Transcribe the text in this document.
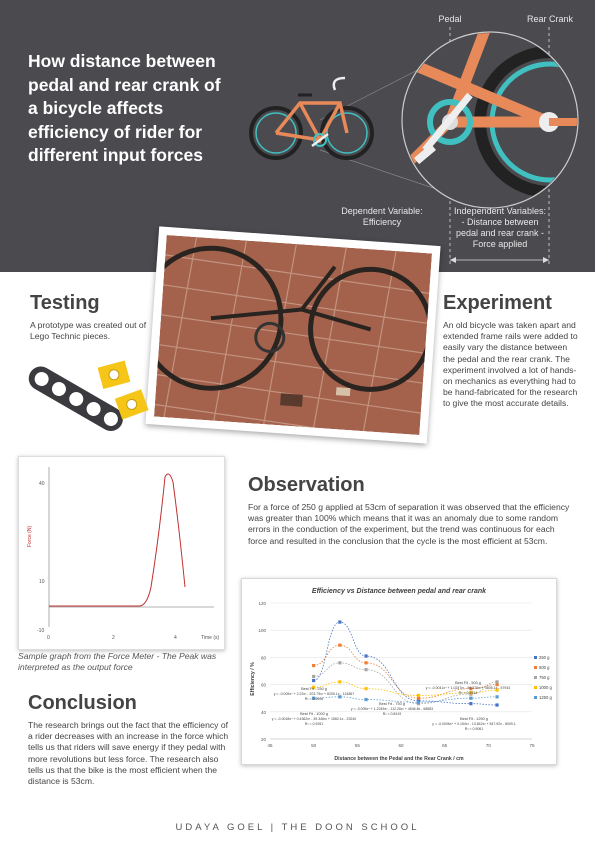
How distance between pedal and rear crank of a bicycle affects efficiency of rider for different input forces
Pedal	Rear Crank
Dependent Variable: Efficiency
Independent Variables: - Distance between pedal and rear crank - Force applied
Testing
A prototype was created out of Lego Technic pieces.
Experiment
An old bicycle was taken apart and extended frame rails were added to easily vary the distance between the pedal and the rear crank. The experiment involved a lot of hands-on mechanics as everything had to be hand-fabricated for the research to give the most accurate details.
Force (N)
Time (s)
40
10
-10
0	2	4
Sample graph from the Force Meter - The Peak was interpreted as the output force
Observation
For a force of 250 g applied at 53cm of separation it was observed that the efficiency was greater than 100% which means that it was an anomaly due to some random errors in the conduction of the experiment, but the trend was continuous for each force and resulted in the conclusion that the cycle is the most efficient at 53cm.
Conclusion
The research brings out the fact that the efficiency of a rider decreases with an increase in the force which tells us that riders will save energy if they pedal with more revolutions but less force. The research also tells us that the bike is the most efficient when the distance is 53cm.
Efficiency vs Distance between pedal and rear crank
Distance between the Pedal and the Rear Crank / cm
Efficiency / %
20
40
60
80
100
120
45	50	55	60	65	70	75
250 g
500 g
750 g
1000 g
1250 g
Best Fit - 250 g
y = -0.009x⁴ + 2.22x³ - 203.79x² + 8205.1x - 124867
R² = 0.9606
Best Fit - 500 g
y = -0.0041x⁴ + 1.0247x³ - 94.376x² + 3805.1x - 57943
R² = 0.9514
Best Fit - 750 g
y = -0.005x⁴ + 1.2245x³ - 112.26x² + 4546.8x - 68583
R² = 0.8419
Best Fit - 1000 g
y = -0.0018x⁴ + 0.4362x³ - 39.346x² + 1560.1x - 23240
R² = 0.9251
Best Fit - 1250 g
y = -0.0006x⁴ + 0.154x³ - 13.842x² + 547.92x - 8009.1
R² = 0.9061
UDAYA GOEL | THE DOON SCHOOL
